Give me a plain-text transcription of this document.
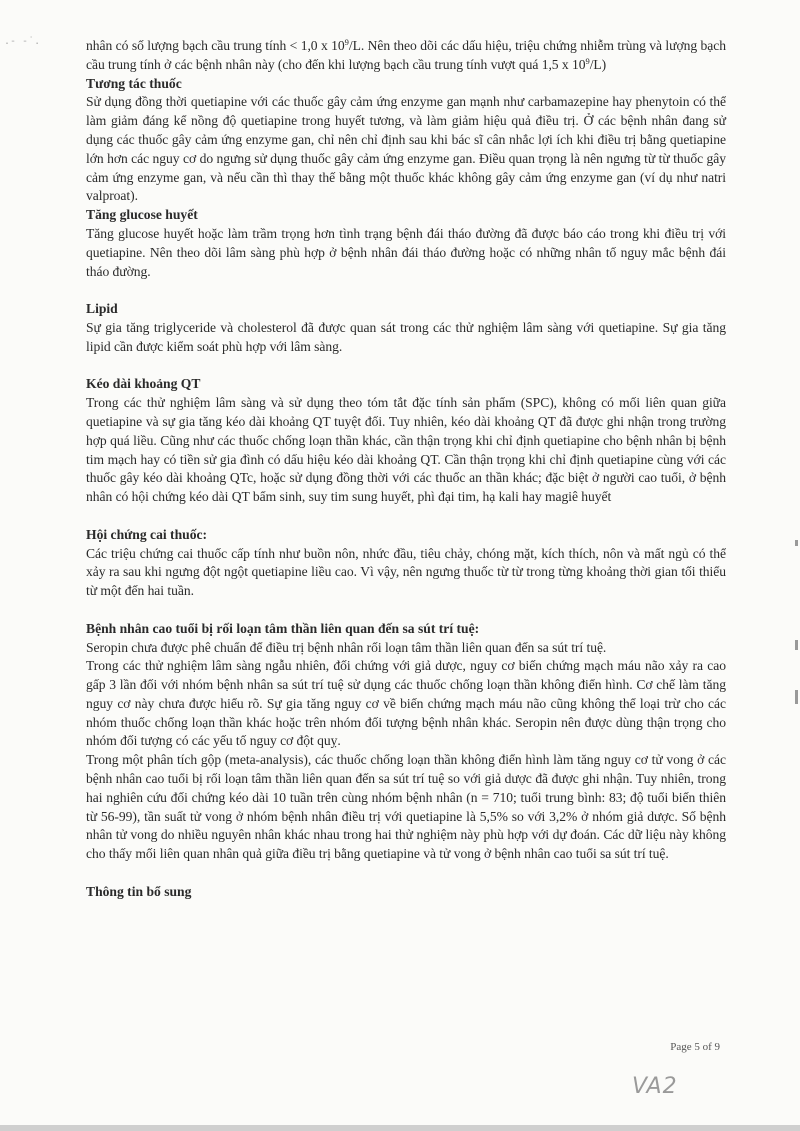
.‑ -˙.	nhân có số lượng bạch cầu trung tính < 1,0 x $10^9/L$. Nên theo dõi các dấu hiệu, triệu chứng nhiễm trùng và lượng bạch cầu trung tính ở các bệnh nhân này (cho đến khi lượng bạch cầu trung tính vượt quá 1,5 x $10^9/L$)

Tương tác thuốc

Sử dụng đồng thời quetiapine với các thuốc gây cảm ứng enzyme gan mạnh như carbamazepine hay phenytoin có thể làm giảm đáng kể nồng độ quetiapine trong huyết tương, và làm giảm hiệu quả điều trị. Ở các bệnh nhân đang sử dụng các thuốc gây cảm ứng enzyme gan, chỉ nên chỉ định sau khi bác sĩ cân nhắc lợi ích khi điều trị bằng quetiapine lớn hơn các nguy cơ do ngưng sử dụng thuốc gây cảm ứng enzyme gan. Điều quan trọng là nên ngưng từ từ thuốc gây cảm ứng enzyme gan, và nếu cần thì thay thế bằng một thuốc khác không gây cảm ứng enzyme gan (ví dụ như natri valproat).

Tăng glucose huyết

Tăng glucose huyết hoặc làm trầm trọng hơn tình trạng bệnh đái tháo đường đã được báo cáo trong khi điều trị với quetiapine. Nên theo dõi lâm sàng phù hợp ở bệnh nhân đái tháo đường hoặc có những nhân tố nguy mắc bệnh đái tháo đường.

Lipid

Sự gia tăng triglyceride và cholesterol đã được quan sát trong các thử nghiệm lâm sàng với quetiapine. Sự gia tăng lipid cần được kiểm soát phù hợp với lâm sàng.

Kéo dài khoảng QT

Trong các thử nghiệm lâm sàng và sử dụng theo tóm tắt đặc tính sản phẩm (SPC), không có mối liên quan giữa quetiapine và sự gia tăng kéo dài khoảng QT tuyệt đối. Tuy nhiên, kéo dài khoảng QT đã được ghi nhận trong trường hợp quá liều. Cũng như các thuốc chống loạn thần khác, cần thận trọng khi chỉ định quetiapine cho bệnh nhân bị bệnh tim mạch hay có tiền sử gia đình có dấu hiệu kéo dài khoảng QT. Cần thận trọng khi chỉ định quetiapine cùng với các thuốc gây kéo dài khoảng QTc, hoặc sử dụng đồng thời với các thuốc an thần khác; đặc biệt ở người cao tuổi, ở bệnh nhân có hội chứng kéo dài QT bẩm sinh, suy tim sung huyết, phì đại tim, hạ kali hay magiê huyết

Hội chứng cai thuốc:

Các triệu chứng cai thuốc cấp tính như buồn nôn, nhức đầu, tiêu chảy, chóng mặt, kích thích, nôn và mất ngủ có thể xảy ra sau khi ngưng đột ngột quetiapine liều cao. Vì vậy, nên ngưng thuốc từ từ trong từng khoảng thời gian tối thiểu từ một đến hai tuần.

Bệnh nhân cao tuổi bị rối loạn tâm thần liên quan đến sa sút trí tuệ:

Seropin chưa được phê chuẩn để điều trị bệnh nhân rối loạn tâm thần liên quan đến sa sút trí tuệ.

Trong các thử nghiệm lâm sàng ngẫu nhiên, đối chứng với giả dược, nguy cơ biến chứng mạch máu não xảy ra cao gấp 3 lần đối với nhóm bệnh nhân sa sút trí tuệ sử dụng các thuốc chống loạn thần không điển hình. Cơ chế làm tăng nguy cơ này chưa được hiểu rõ. Sự gia tăng nguy cơ về biến chứng mạch máu não cũng không thể loại trừ cho các nhóm thuốc chống loạn thần khác hoặc trên nhóm đối tượng bệnh nhân khác. Seropin nên được dùng thận trọng cho nhóm đối tượng có các yếu tố nguy cơ đột quỵ.

Trong một phân tích gộp (meta-analysis), các thuốc chống loạn thần không điển hình làm tăng nguy cơ tử vong ở các bệnh nhân cao tuổi bị rối loạn tâm thần liên quan đến sa sút trí tuệ so với giả dược đã được ghi nhận. Tuy nhiên, trong hai nghiên cứu đối chứng kéo dài 10 tuần trên cùng nhóm bệnh nhân (n = 710; tuổi trung bình: 83; độ tuổi biến thiên từ 56-99), tần suất tử vong ở nhóm bệnh nhân điều trị với quetiapine là 5,5% so với 3,2% ở nhóm giả dược. Số bệnh nhân tử vong do nhiều nguyên nhân khác nhau trong hai thử nghiệm này phù hợp với dự đoán. Các dữ liệu này không cho thấy mối liên quan nhân quả giữa điều trị bằng quetiapine và tử vong ở bệnh nhân cao tuổi sa sút trí tuệ.

Thông tin bổ sung

Page 5 of 9
VA2
